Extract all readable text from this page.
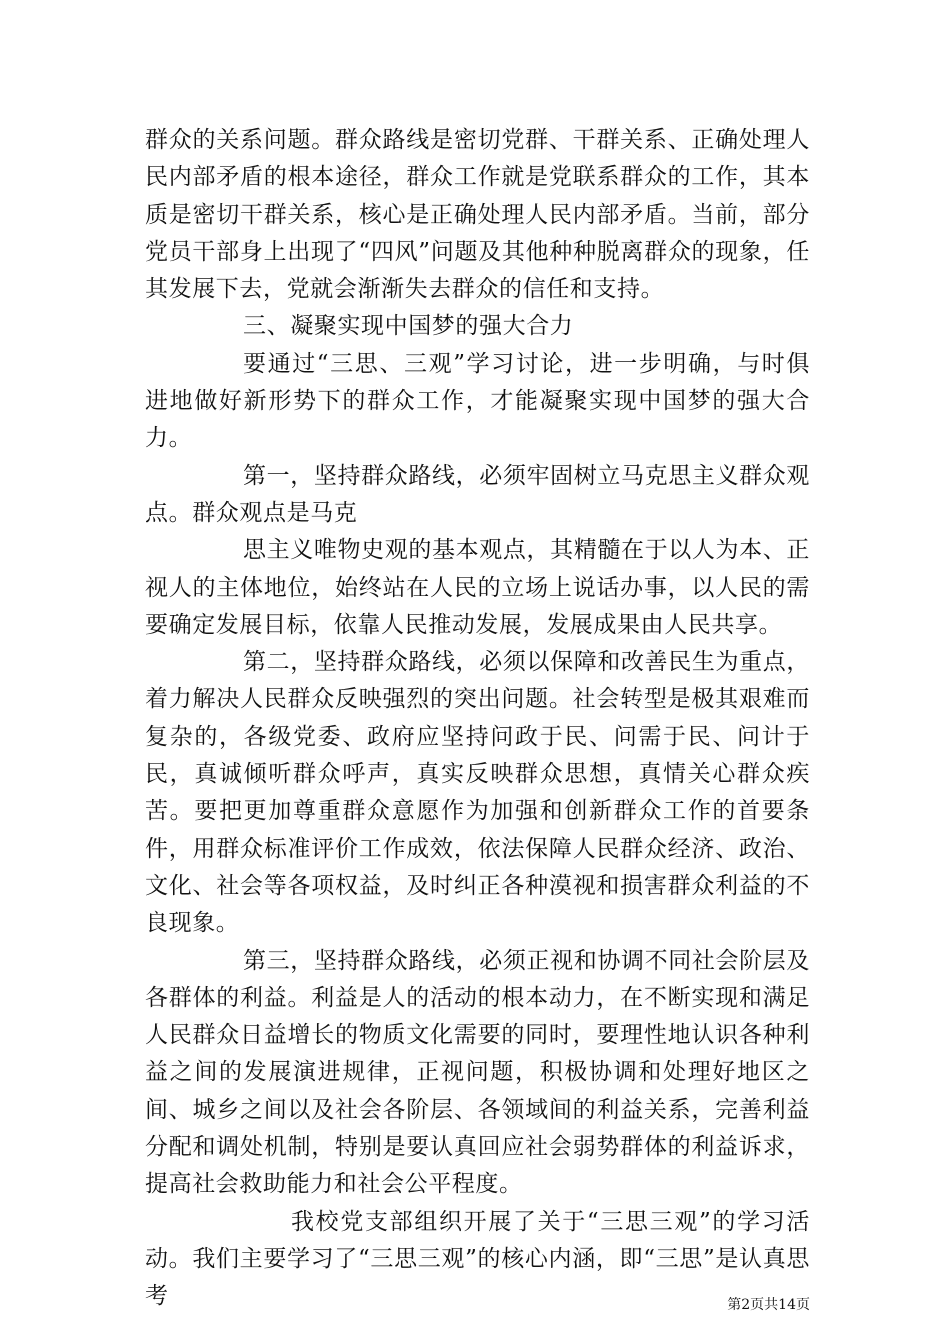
群众的关系问题。群众路线是密切党群、干群关系、正确处理人民内部矛盾的根本途径，群众工作就是党联系群众的工作，其本质是密切干群关系，核心是正确处理人民内部矛盾。当前，部分党员干部身上出现了“四风”问题及其他种种脱离群众的现象，任其发展下去，党就会渐渐失去群众的信任和支持。

三、凝聚实现中国梦的强大合力

要通过“三思、三观”学习讨论，进一步明确，与时俱进地做好新形势下的群众工作，才能凝聚实现中国梦的强大合力。

第一，坚持群众路线，必须牢固树立马克思主义群众观点。群众观点是马克

思主义唯物史观的基本观点，其精髓在于以人为本、正视人的主体地位，始终站在人民的立场上说话办事，以人民的需要确定发展目标，依靠人民推动发展，发展成果由人民共享。

第二，坚持群众路线，必须以保障和改善民生为重点，着力解决人民群众反映强烈的突出问题。社会转型是极其艰难而复杂的，各级党委、政府应坚持问政于民、问需于民、问计于民，真诚倾听群众呼声，真实反映群众思想，真情关心群众疾苦。要把更加尊重群众意愿作为加强和创新群众工作的首要条件，用群众标准评价工作成效，依法保障人民群众经济、政治、文化、社会等各项权益，及时纠正各种漠视和损害群众利益的不良现象。

第三，坚持群众路线，必须正视和协调不同社会阶层及各群体的利益。利益是人的活动的根本动力，在不断实现和满足人民群众日益增长的物质文化需要的同时，要理性地认识各种利益之间的发展演进规律，正视问题，积极协调和处理好地区之间、城乡之间以及社会各阶层、各领域间的利益关系，完善利益分配和调处机制，特别是要认真回应社会弱势群体的利益诉求，提高社会救助能力和社会公平程度。

我校党支部组织开展了关于“三思三观”的学习活动。我们主要学习了“三思三观”的核心内涵，即“三思”是认真思考	第2页共14页
